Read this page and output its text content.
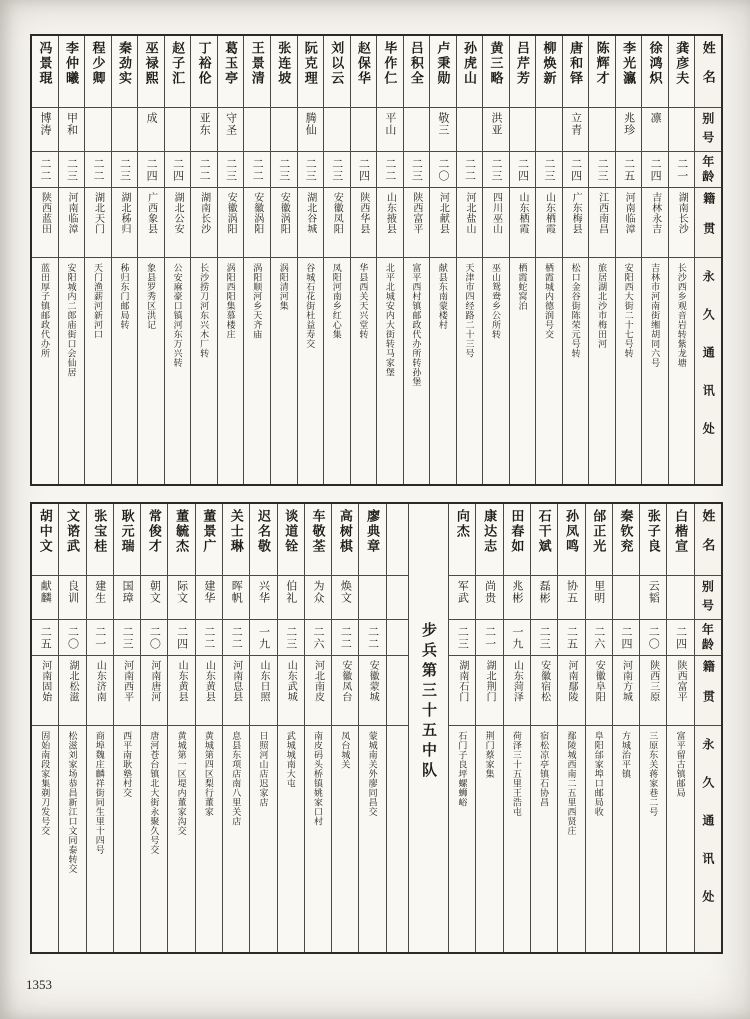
姓名
别号
年龄
籍贯
永久通讯处
龚彦夫
二一
湖南长沙
长沙西乡观音岩转紫龙塘
徐鸿炽
凛
二四
吉林永吉
吉林市河南街缃胡同六号
李光瀛
兆珍
二五
河南临漳
安阳西大街二十七号转
陈辉才
二三
江西南昌
旅居湖北沙市梅田河
唐和铎
立青
二四
广东梅县
松口金谷街陈荣元号转
柳焕新
二三
山东栖霞
栖霞城内德润号交
吕芹芳
二四
山东栖霞
栖霞蛇窝泊
黄三略
洪亚
二三
四川巫山
巫山鸳鸯乡公所转
孙虎山
二二
河北盐山
天津市四经路二十三号
卢秉勋
敬三
二〇
河北献县
献县东南蒙楼村
吕积全
二三
陕西富平
富平西村镇邮政代办所转孙堡
毕作仁
平山
二二
山东掖县
北平北城安内大街转马家堡
赵保华
二四
陕西华县
华县西关天兴堂转
刘以云
二三
安徽凤阳
凤阳河南乡红心集
阮克理
腾仙
二三
湖北谷城
谷城石花街杜益寿交
张连坡
二三
安徽涡阳
涡阳清河集
王景清
二二
安徽涡阳
涡阳顺河乡天齐庙
葛玉亭
守圣
二三
安徽涡阳
涡阳西阳集慕楼庄
丁裕伦
亚东
二二
湖南长沙
长沙捞刀河东兴木厂转
赵子汇
二四
湖北公安
公安麻豪口镇河东万兴转
巫禄熙
成
二四
广西象县
象县罗秀区洪记
秦劲实
二三
湖北秭归
秭归东门邮局转
程少卿
二二
湖北天门
天门渔薪河新河口
李仲曦
甲和
二三
河南临漳
安阳城内二郎庙街口会仙居
冯景琨
博涛
二二
陕西蓝田
蓝田厚子镇邮政代办所
姓名
别号
年龄
籍贯
永久通讯处
白楷宣
二四
陕西富平
富平留古镇邮局
张子良
云韬
二〇
陕西三原
三原东关蒋家巷二号
秦钦兖
二四
河南方城
方城治平镇
邰正光
里明
二六
安徽阜阳
阜阳邰家埠口邮局收
孙凤鸣
协五
二五
河南鄢陵
鄢陵城西南二五里西贤庄
石干斌
磊彬
二三
安徽宿松
宿松凉亭镇石协昌
田春如
兆彬
一九
山东菏泽
荷泽三十五里王浩屯
康达志
尚贵
二一
湖北荆门
荆门蔡家集
向杰
军武
二三
湖南石门
石门子良坪螺蛳峪
步兵第三十五中队
廖典章
二二
安徽蒙城
蒙城南关外廖同昌交
高树棋
焕文
二二
安徽凤台
凤台城关
车敬荃
为众
二六
河北南皮
南皮码头桥镇姚家口村
谈道铨
伯礼
二三
山东武城
武城城南大屯
迟名敬
兴华
一九
山东日照
日照河山店迟家店
关士琳
晖帆
二二
河南息县
息县东项店南八里关店
董景广
建华
二二
山东黄县
黄城第四区梨行董家
董毓杰
际文
二四
山东黄县
黄城第一区堤内董家沟交
常俊才
朝文
二〇
河南唐河
唐河苍台镇北大街永聚久号交
耿元瑞
国璋
二三
河南西平
西平南耿塾村交
张宝桂
建生
二一
山东济南
商埠魏庄麟祥街同生里十四号
文谘武
良训
二〇
湖北松滋
松滋刘家场恭昌新江口文同泰转交
胡中文
献麟
二五
河南固始
固始南段家集剃刀发号交
1353
